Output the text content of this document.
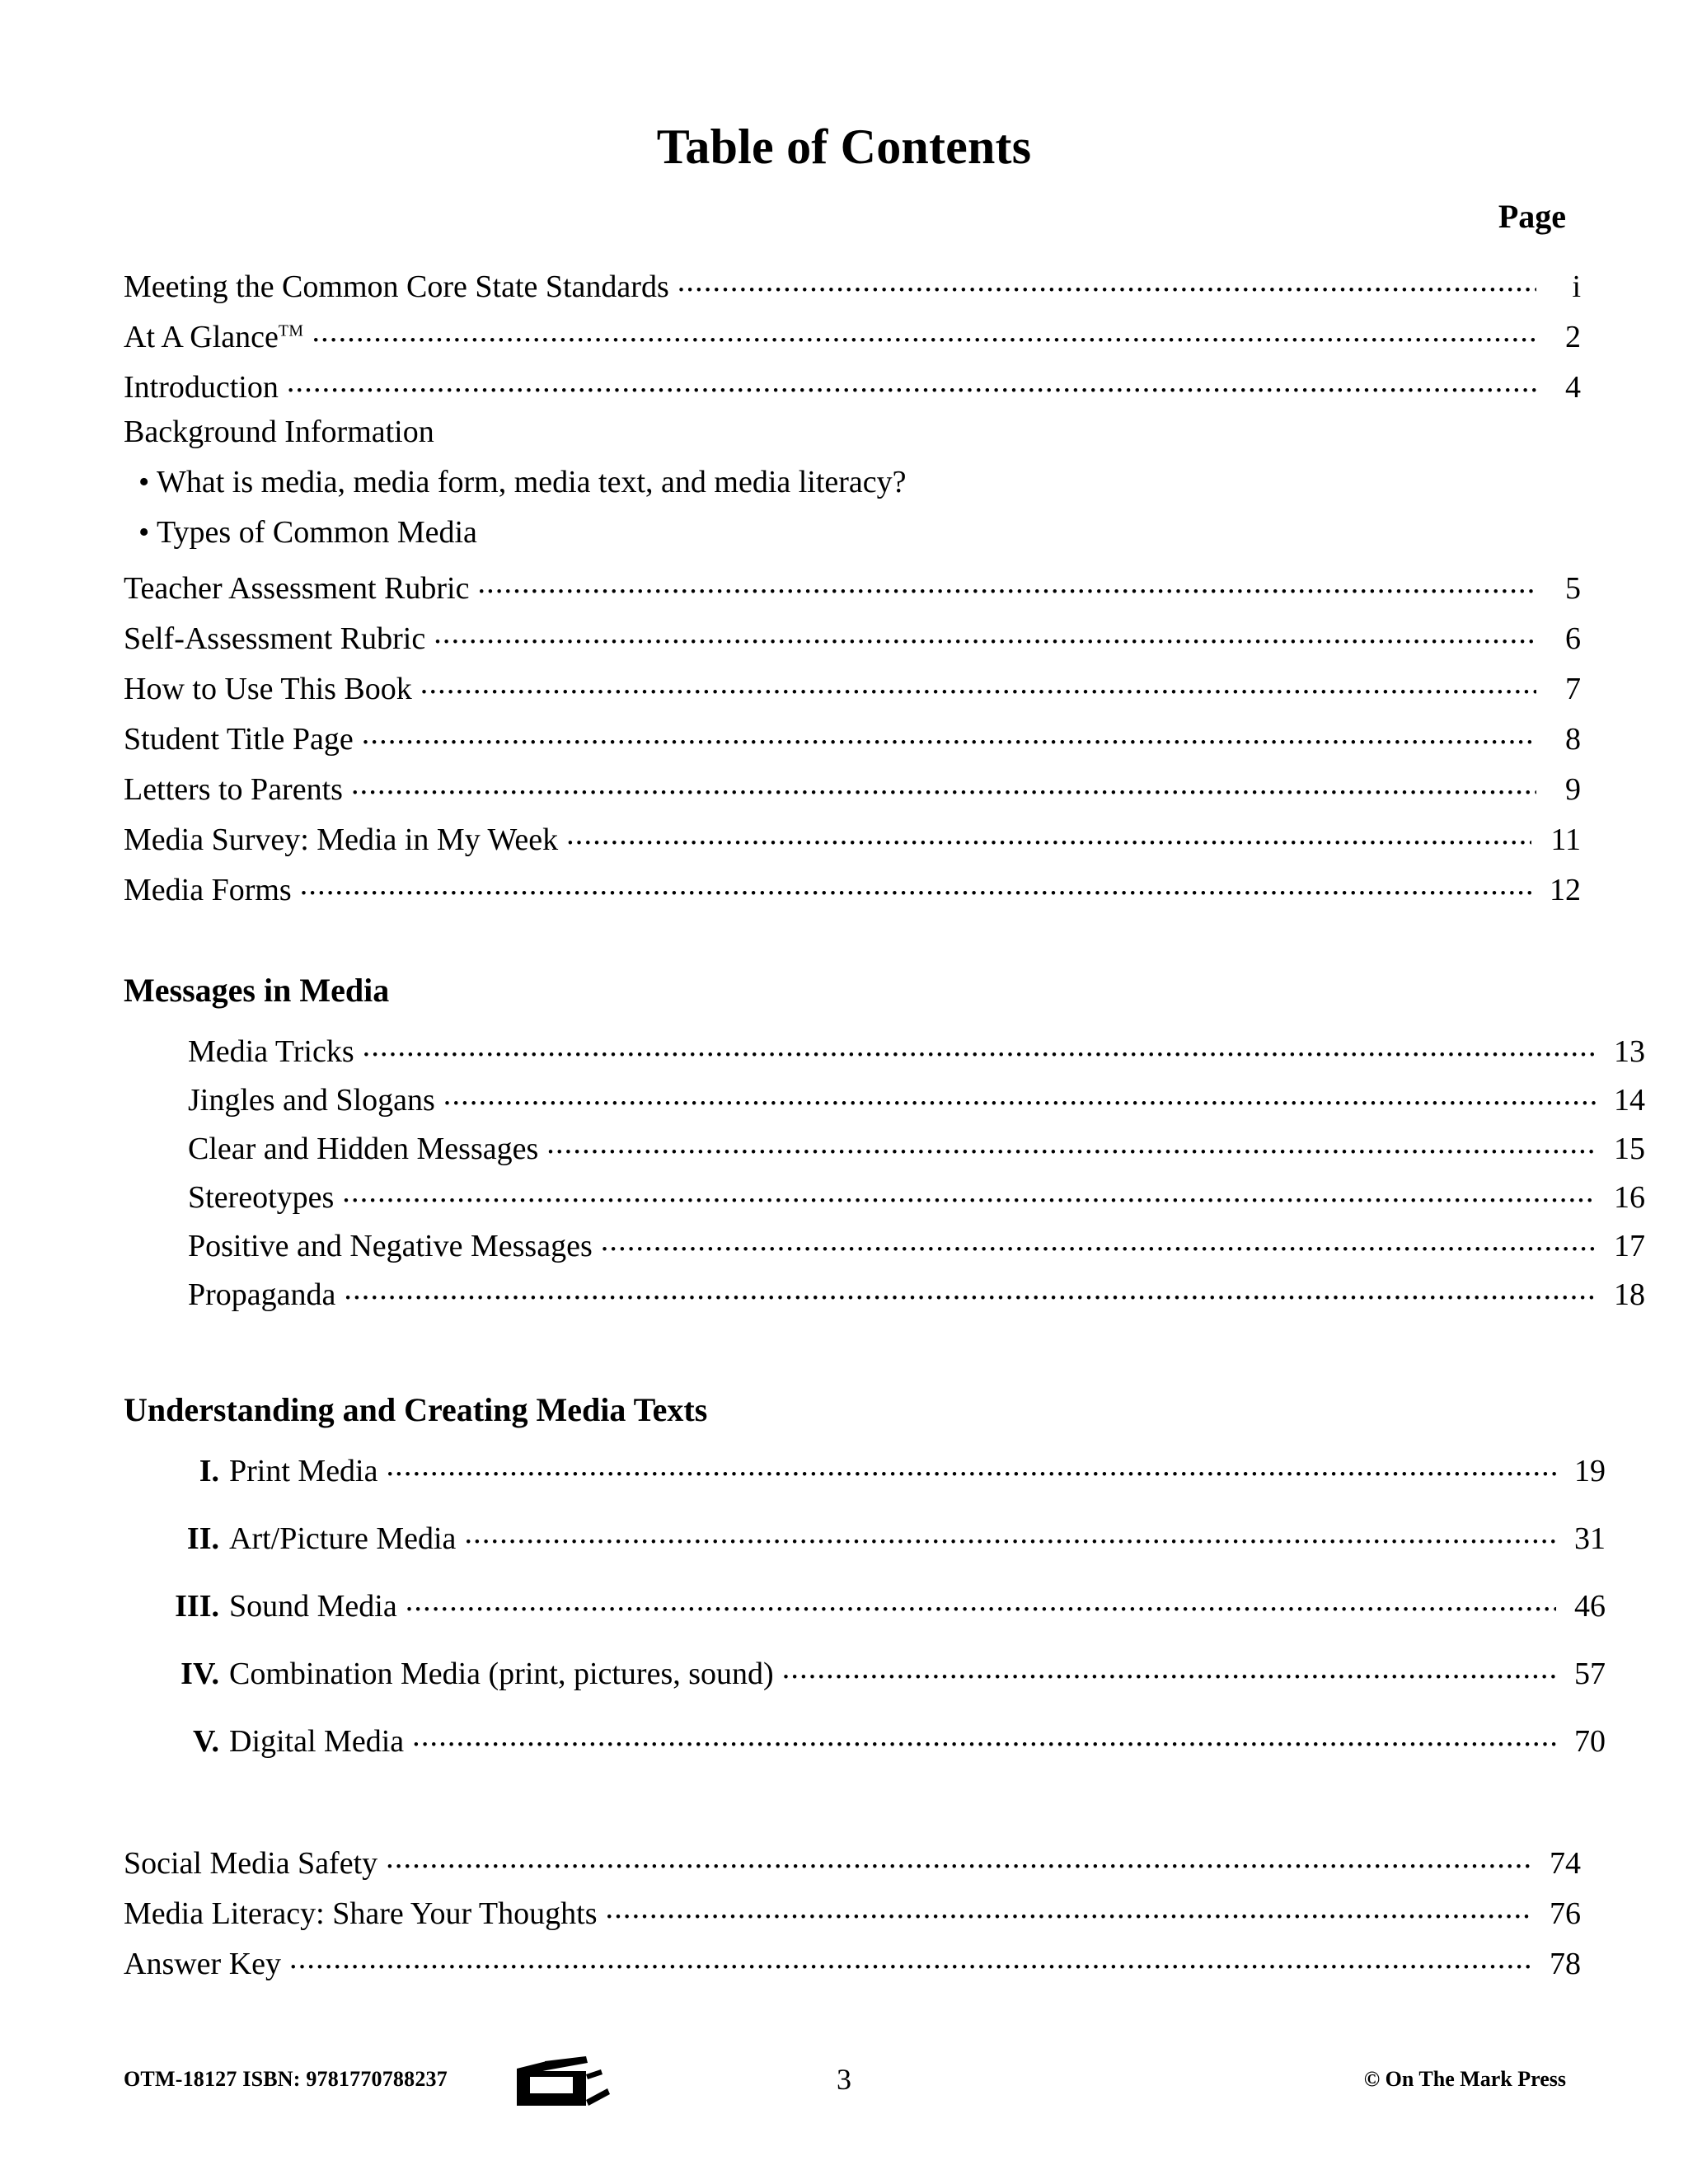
Table of Contents
Page
Meeting the Common Core State Standards .....	i
At A Glance™ .....	2
Introduction .....	4
Background Information
• What is media, media form, media text, and media literacy?
• Types of Common Media
Teacher Assessment Rubric .....	5
Self-Assessment Rubric .....	6
How to Use This Book .....	7
Student Title Page .....	8
Letters to Parents .....	9
Media Survey: Media in My Week .....	11
Media Forms .....	12
Messages in Media
Media Tricks .....	13
Jingles and Slogans .....	14
Clear and Hidden Messages .....	15
Stereotypes .....	16
Positive and Negative Messages .....	17
Propaganda .....	18
Understanding and Creating Media Texts
I. Print Media .....	19
II. Art/Picture Media .....	31
III. Sound Media .....	46
IV. Combination Media (print, pictures, sound) .....	57
V. Digital Media .....	70
Social Media Safety .....	74
Media Literacy: Share Your Thoughts .....	76
Answer Key .....	78
OTM-18127 ISBN: 9781770788237	3	© On The Mark Press
